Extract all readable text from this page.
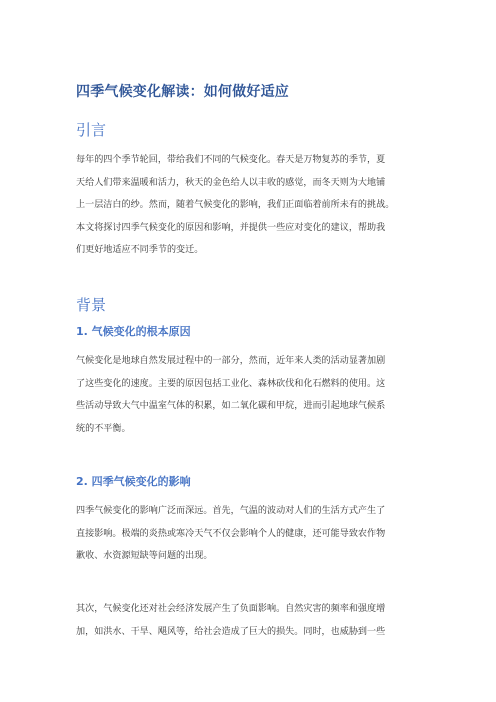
四季气候变化解读：如何做好适应
引言
每年的四个季节轮回，带给我们不同的气候变化。春天是万物复苏的季节，夏
天给人们带来温暖和活力，秋天的金色给人以丰收的感觉，而冬天则为大地铺
上一层洁白的纱。然而，随着气候变化的影响，我们正面临着前所未有的挑战。
本文将探讨四季气候变化的原因和影响，并提供一些应对变化的建议，帮助我
们更好地适应不同季节的变迁。
背景
1. 气候变化的根本原因
气候变化是地球自然发展过程中的一部分，然而，近年来人类的活动显著加剧
了这些变化的速度。主要的原因包括工业化、森林砍伐和化石燃料的使用。这
些活动导致大气中温室气体的积累，如二氧化碳和甲烷，进而引起地球气候系
统的不平衡。
2. 四季气候变化的影响
四季气候变化的影响广泛而深远。首先，气温的波动对人们的生活方式产生了
直接影响。极端的炎热或寒冷天气不仅会影响个人的健康，还可能导致农作物
歉收、水资源短缺等问题的出现。
其次，气候变化还对社会经济发展产生了负面影响。自然灾害的频率和强度增
加，如洪水、干旱、飓风等，给社会造成了巨大的损失。同时，也威胁到一些
